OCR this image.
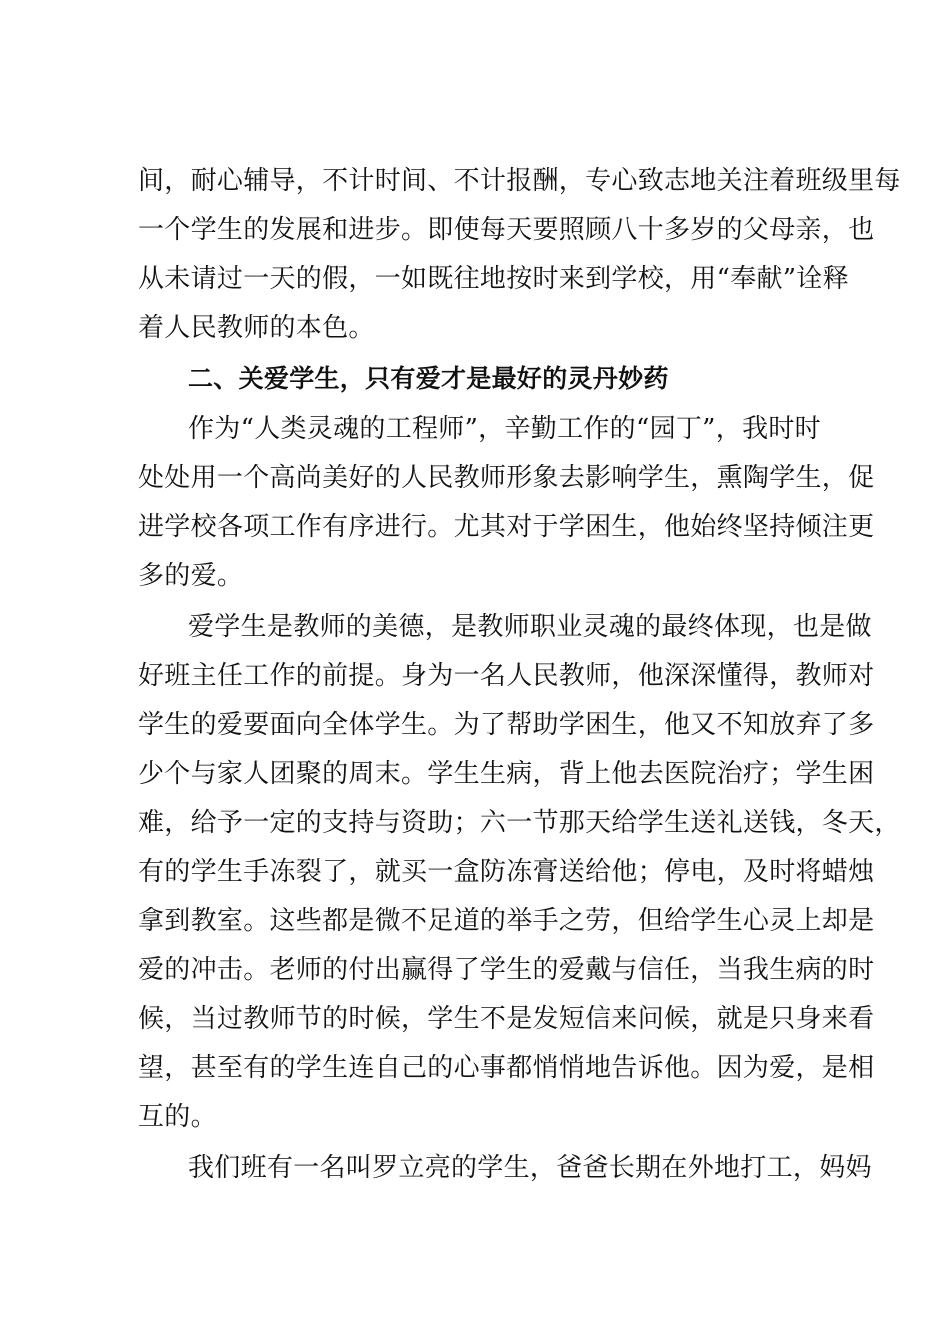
间，耐心辅导，不计时间、不计报酬，专心致志地关注着班级里每
一个学生的发展和进步。即使每天要照顾八十多岁的父母亲，也
从未请过一天的假，一如既往地按时来到学校，用“奉献”诠释
着人民教师的本色。
二、关爱学生，只有爱才是最好的灵丹妙药
作为“人类灵魂的工程师”，辛勤工作的“园丁”，我时时
处处用一个高尚美好的人民教师形象去影响学生，熏陶学生，促
进学校各项工作有序进行。尤其对于学困生，他始终坚持倾注更
多的爱。
爱学生是教师的美德，是教师职业灵魂的最终体现，也是做
好班主任工作的前提。身为一名人民教师，他深深懂得，教师对
学生的爱要面向全体学生。为了帮助学困生，他又不知放弃了多
少个与家人团聚的周末。学生生病，背上他去医院治疗；学生困
难，给予一定的支持与资助；六一节那天给学生送礼送钱，冬天，
有的学生手冻裂了，就买一盒防冻膏送给他；停电，及时将蜡烛
拿到教室。这些都是微不足道的举手之劳，但给学生心灵上却是
爱的冲击。老师的付出赢得了学生的爱戴与信任，当我生病的时
候，当过教师节的时候，学生不是发短信来问候，就是只身来看
望，甚至有的学生连自己的心事都悄悄地告诉他。因为爱，是相
互的。
我们班有一名叫罗立亮的学生，爸爸长期在外地打工，妈妈
